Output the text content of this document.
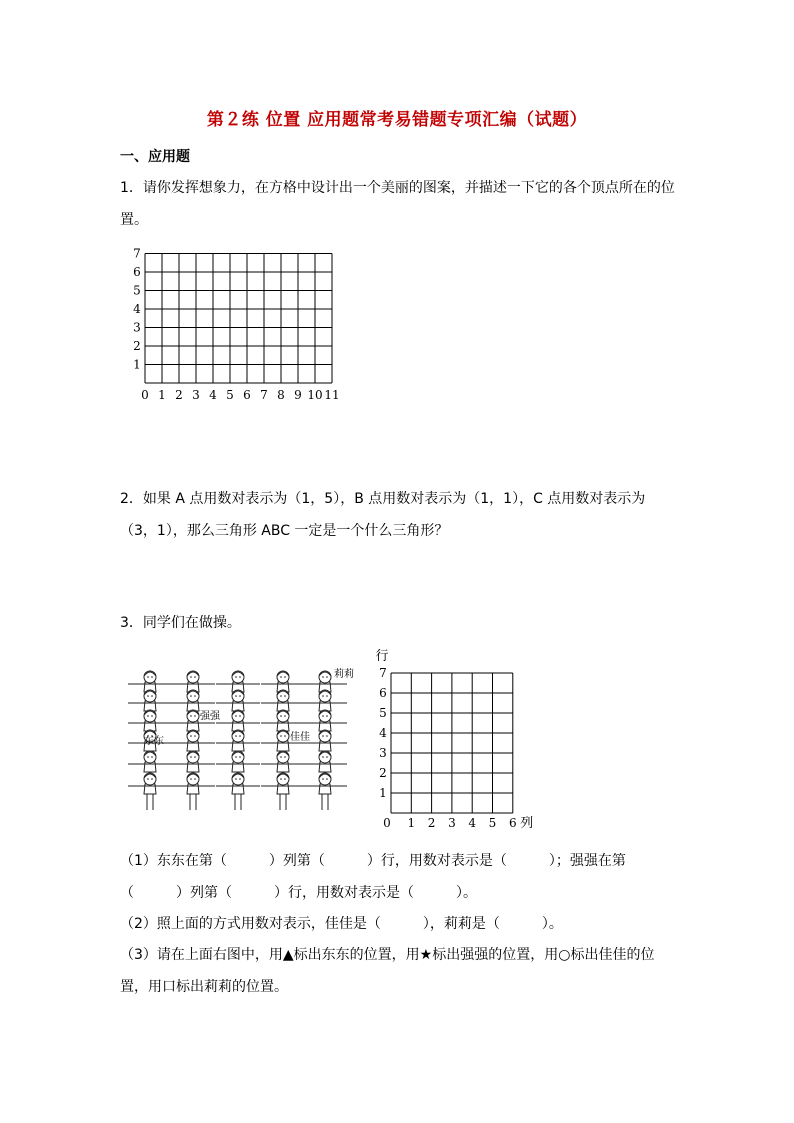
第２练 位置 应用题常考易错题专项汇编（试题）
一、应用题
1．请你发挥想象力，在方格中设计出一个美丽的图案，并描述一下它的各个顶点所在的位置。
0 1 2 3 4 5 6 7 8 9 10 11
1
2
3
4
5
6
7
2．如果 A 点用数对表示为（1，5），B 点用数对表示为（1，1），C 点用数对表示为（3，1），那么三角形 ABC 一定是一个什么三角形？
3．同学们在做操。
莉莉
强强
东东	佳佳
0 1 2 3 4 5 6
1
2
3
4
5
6
7
行
列
（1）东东在第（　　　）列第（　　　）行，用数对表示是（　　　）；强强在第（　　　）列第（　　　）行，用数对表示是（　　　）。
（2）照上面的方式用数对表示，佳佳是（　　　），莉莉是（　　　）。
（3）请在上面右图中，用▲标出东东的位置，用★标出强强的位置，用○标出佳佳的位置，用口标出莉莉的位置。
